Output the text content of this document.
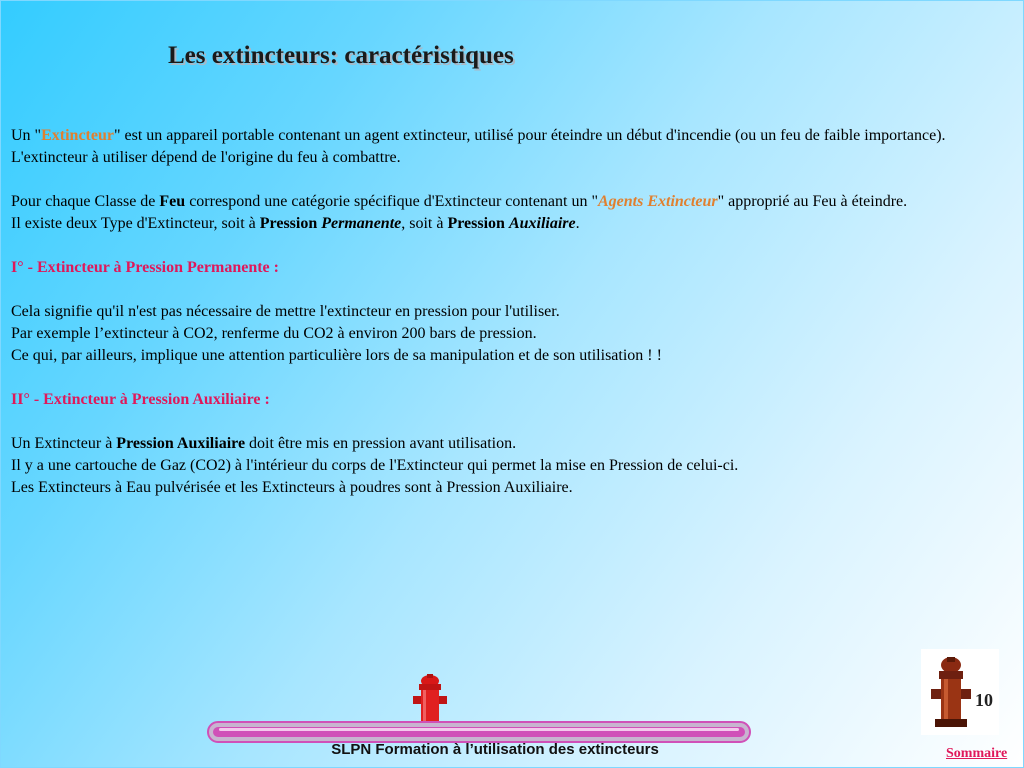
Les extincteurs: caractéristiques

Un "Extincteur" est un appareil portable contenant un agent extincteur, utilisé pour éteindre un début d'incendie (ou un feu de faible importance). L'extincteur à utiliser dépend de l'origine du feu à combattre.

Pour chaque Classe de Feu correspond une catégorie spécifique d'Extincteur contenant un "Agents Extincteur" approprié au Feu à éteindre.

Il existe deux Type d'Extincteur, soit à Pression Permanente, soit à Pression Auxiliaire.

I° - Extincteur à Pression Permanente :

Cela signifie qu'il n'est pas nécessaire de mettre l'extincteur en pression pour l'utiliser.

Par exemple l’extincteur à CO2, renferme du CO2 à environ 200 bars de pression.

Ce qui, par ailleurs, implique une attention particulière lors de sa manipulation et de son utilisation ! !

II° - Extincteur à Pression Auxiliaire :

Un Extincteur à Pression Auxiliaire doit être mis en pression avant utilisation.

Il y a une cartouche de Gaz (CO2) à l'intérieur du corps de l'Extincteur qui permet la mise en Pression de celui-ci.

Les Extincteurs à Eau pulvérisée et les Extincteurs à poudres sont à Pression Auxiliaire.

SLPN Formation à l’utilisation des extincteurs
10
Sommaire
